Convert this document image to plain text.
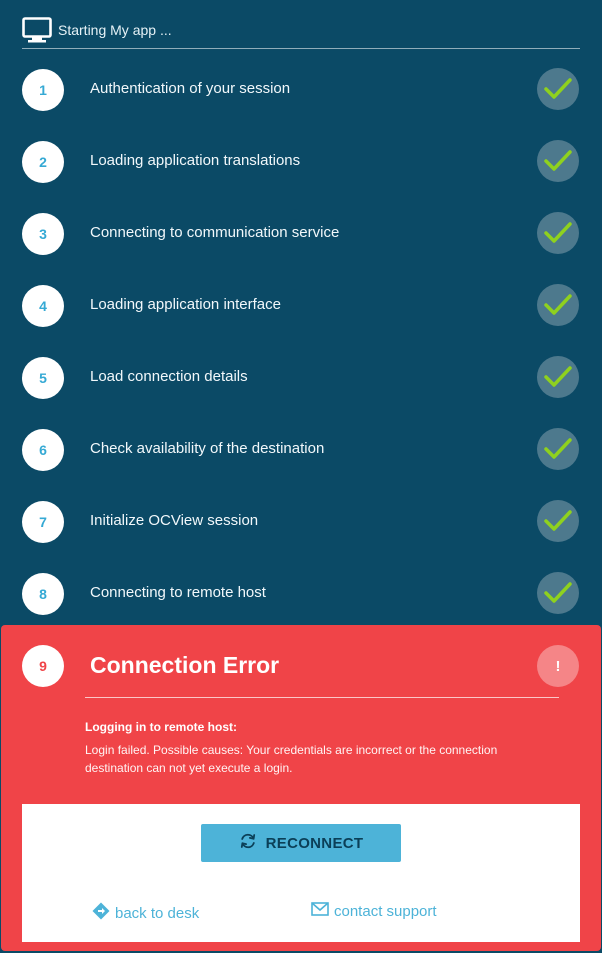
Starting My app ...
1	Authentication of your session
2	Loading application translations
3	Connecting to communication service
4	Loading application interface
5	Load connection details
6	Check availability of the destination
7	Initialize OCView session
8	Connecting to remote host
9	Connection Error	!
Logging in to remote host:
Login failed. Possible causes: Your credentials are incorrect or the connection destination can not yet execute a login.
RECONNECT
back to desk	contact support
